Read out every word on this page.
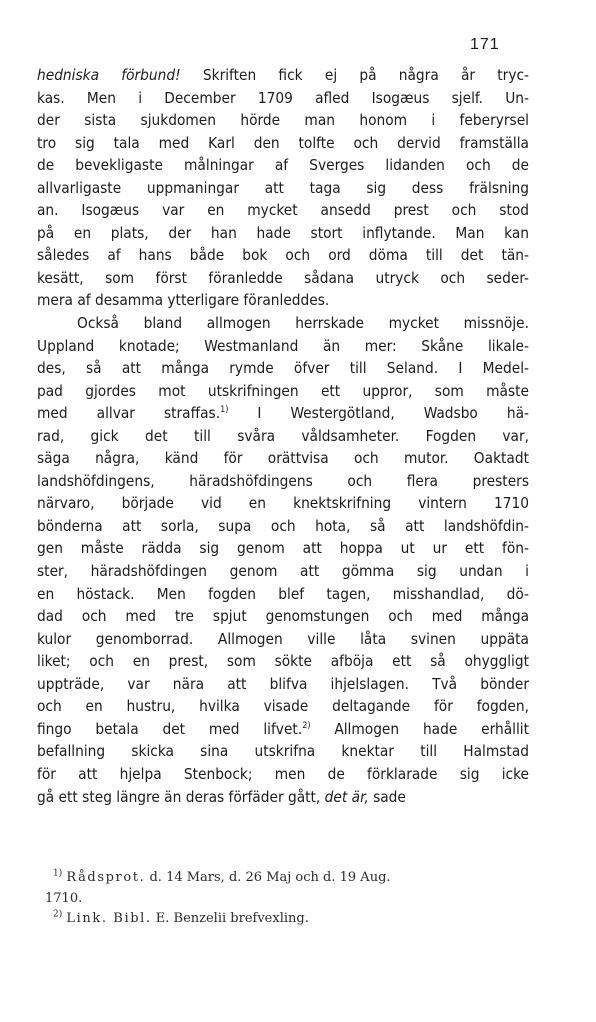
171
hedniska förbund! Skriften fick ej på några år tryc-
kas. Men i December 1709 afled Isogæus sjelf. Un-
der sista sjukdomen hörde man honom i feberyrsel
tro sig tala med Karl den tolfte och dervid framställa
de bevekligaste målningar af Sverges lidanden och de
allvarligaste uppmaningar att taga sig dess frälsning
an. Isogæus var en mycket ansedd prest och stod
på en plats, der han hade stort inflytande. Man kan
således af hans både bok och ord döma till det tän-
kesätt, som först föranledde sådana utryck och seder-
mera af desamma ytterligare föranleddes.
Också bland allmogen herrskade mycket missnöje.
Uppland knotade; Westmanland än mer: Skåne likale-
des, så att många rymde öfver till Seland. I Medel-
pad gjordes mot utskrifningen ett uppror, som måste
med allvar straffas.$^{1)}$ I Westergötland, Wadsbo hä-
rad, gick det till svåra våldsamheter. Fogden var,
säga några, känd för orättvisa och mutor. Oaktadt
landshöfdingens, häradshöfdingens och flera presters
närvaro, började vid en knektskrifning vintern 1710
bönderna att sorla, supa och hota, så att landshöfdin-
gen måste rädda sig genom att hoppa ut ur ett fön-
ster, häradshöfdingen genom att gömma sig undan i
en höstack. Men fogden blef tagen, misshandlad, dö-
dad och med tre spjut genomstungen och med många
kulor genomborrad. Allmogen ville låta svinen uppäta
liket; och en prest, som sökte afböja ett så ohyggligt
uppträde, var nära att blifva ihjelslagen. Två bönder
och en hustru, hvilka visade deltagande för fogden,
fingo betala det med lifvet.$^{2)}$ Allmogen hade erhållit
befallning skicka sina utskrifna knektar till Halmstad
för att hjelpa Stenbock; men de förklarade sig icke
gå ett steg längre än deras förfäder gått, det är, sade
$^{1)}$ Rådsprot. d. 14 Mars, d. 26 Maj och d. 19 Aug.
1710.
$^{2)}$ Link. Bibl. E. Benzelii brefvexling.
